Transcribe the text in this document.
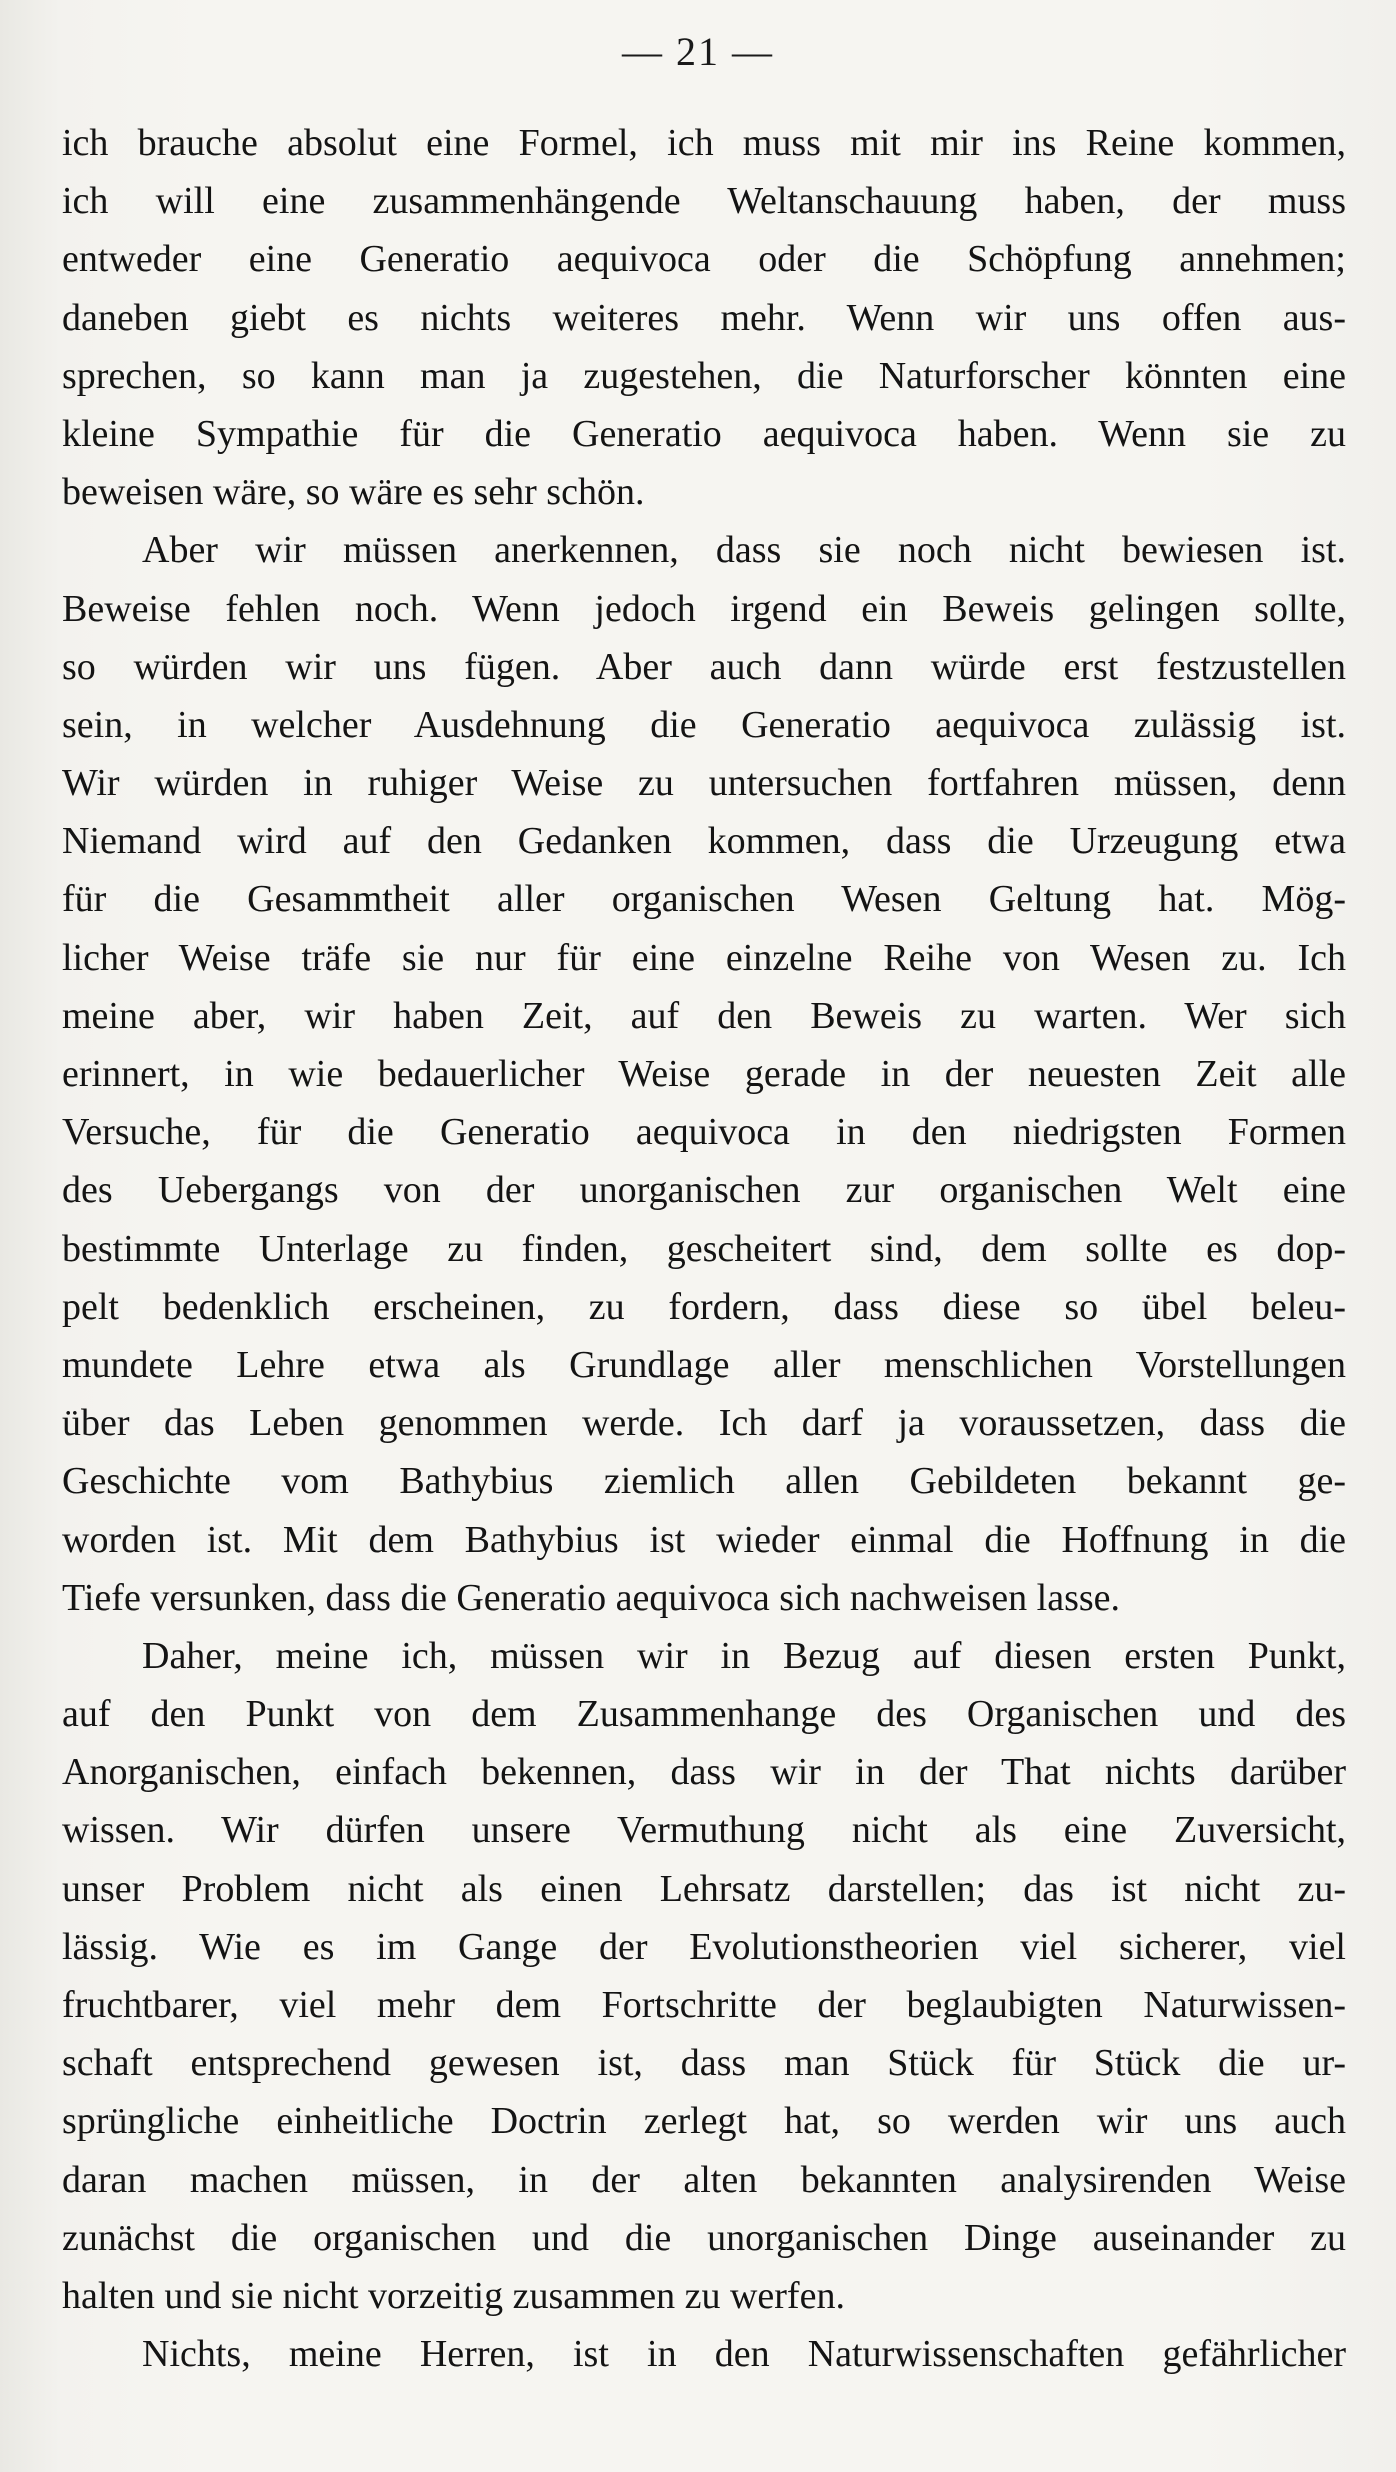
— 21 —
ich brauche absolut eine Formel, ich muss mit mir ins Reine kommen,
ich will eine zusammenhängende Weltanschauung haben, der muss
entweder eine Generatio aequivoca oder die Schöpfung annehmen;
daneben giebt es nichts weiteres mehr. Wenn wir uns offen aus-
sprechen, so kann man ja zugestehen, die Naturforscher könnten eine
kleine Sympathie für die Generatio aequivoca haben. Wenn sie zu
beweisen wäre, so wäre es sehr schön.
Aber wir müssen anerkennen, dass sie noch nicht bewiesen ist.
Beweise fehlen noch. Wenn jedoch irgend ein Beweis gelingen sollte,
so würden wir uns fügen. Aber auch dann würde erst festzustellen
sein, in welcher Ausdehnung die Generatio aequivoca zulässig ist.
Wir würden in ruhiger Weise zu untersuchen fortfahren müssen, denn
Niemand wird auf den Gedanken kommen, dass die Urzeugung etwa
für die Gesammtheit aller organischen Wesen Geltung hat. Mög-
licher Weise träfe sie nur für eine einzelne Reihe von Wesen zu. Ich
meine aber, wir haben Zeit, auf den Beweis zu warten. Wer sich
erinnert, in wie bedauerlicher Weise gerade in der neuesten Zeit alle
Versuche, für die Generatio aequivoca in den niedrigsten Formen
des Uebergangs von der unorganischen zur organischen Welt eine
bestimmte Unterlage zu finden, gescheitert sind, dem sollte es dop-
pelt bedenklich erscheinen, zu fordern, dass diese so übel beleu-
mundete Lehre etwa als Grundlage aller menschlichen Vorstellungen
über das Leben genommen werde. Ich darf ja voraussetzen, dass die
Geschichte vom Bathybius ziemlich allen Gebildeten bekannt ge-
worden ist. Mit dem Bathybius ist wieder einmal die Hoffnung in die
Tiefe versunken, dass die Generatio aequivoca sich nachweisen lasse.
Daher, meine ich, müssen wir in Bezug auf diesen ersten Punkt,
auf den Punkt von dem Zusammenhange des Organischen und des
Anorganischen, einfach bekennen, dass wir in der That nichts darüber
wissen. Wir dürfen unsere Vermuthung nicht als eine Zuversicht,
unser Problem nicht als einen Lehrsatz darstellen; das ist nicht zu-
lässig. Wie es im Gange der Evolutionstheorien viel sicherer, viel
fruchtbarer, viel mehr dem Fortschritte der beglaubigten Naturwissen-
schaft entsprechend gewesen ist, dass man Stück für Stück die ur-
sprüngliche einheitliche Doctrin zerlegt hat, so werden wir uns auch
daran machen müssen, in der alten bekannten analysirenden Weise
zunächst die organischen und die unorganischen Dinge auseinander zu
halten und sie nicht vorzeitig zusammen zu werfen.
Nichts, meine Herren, ist in den Naturwissenschaften gefährlicher
